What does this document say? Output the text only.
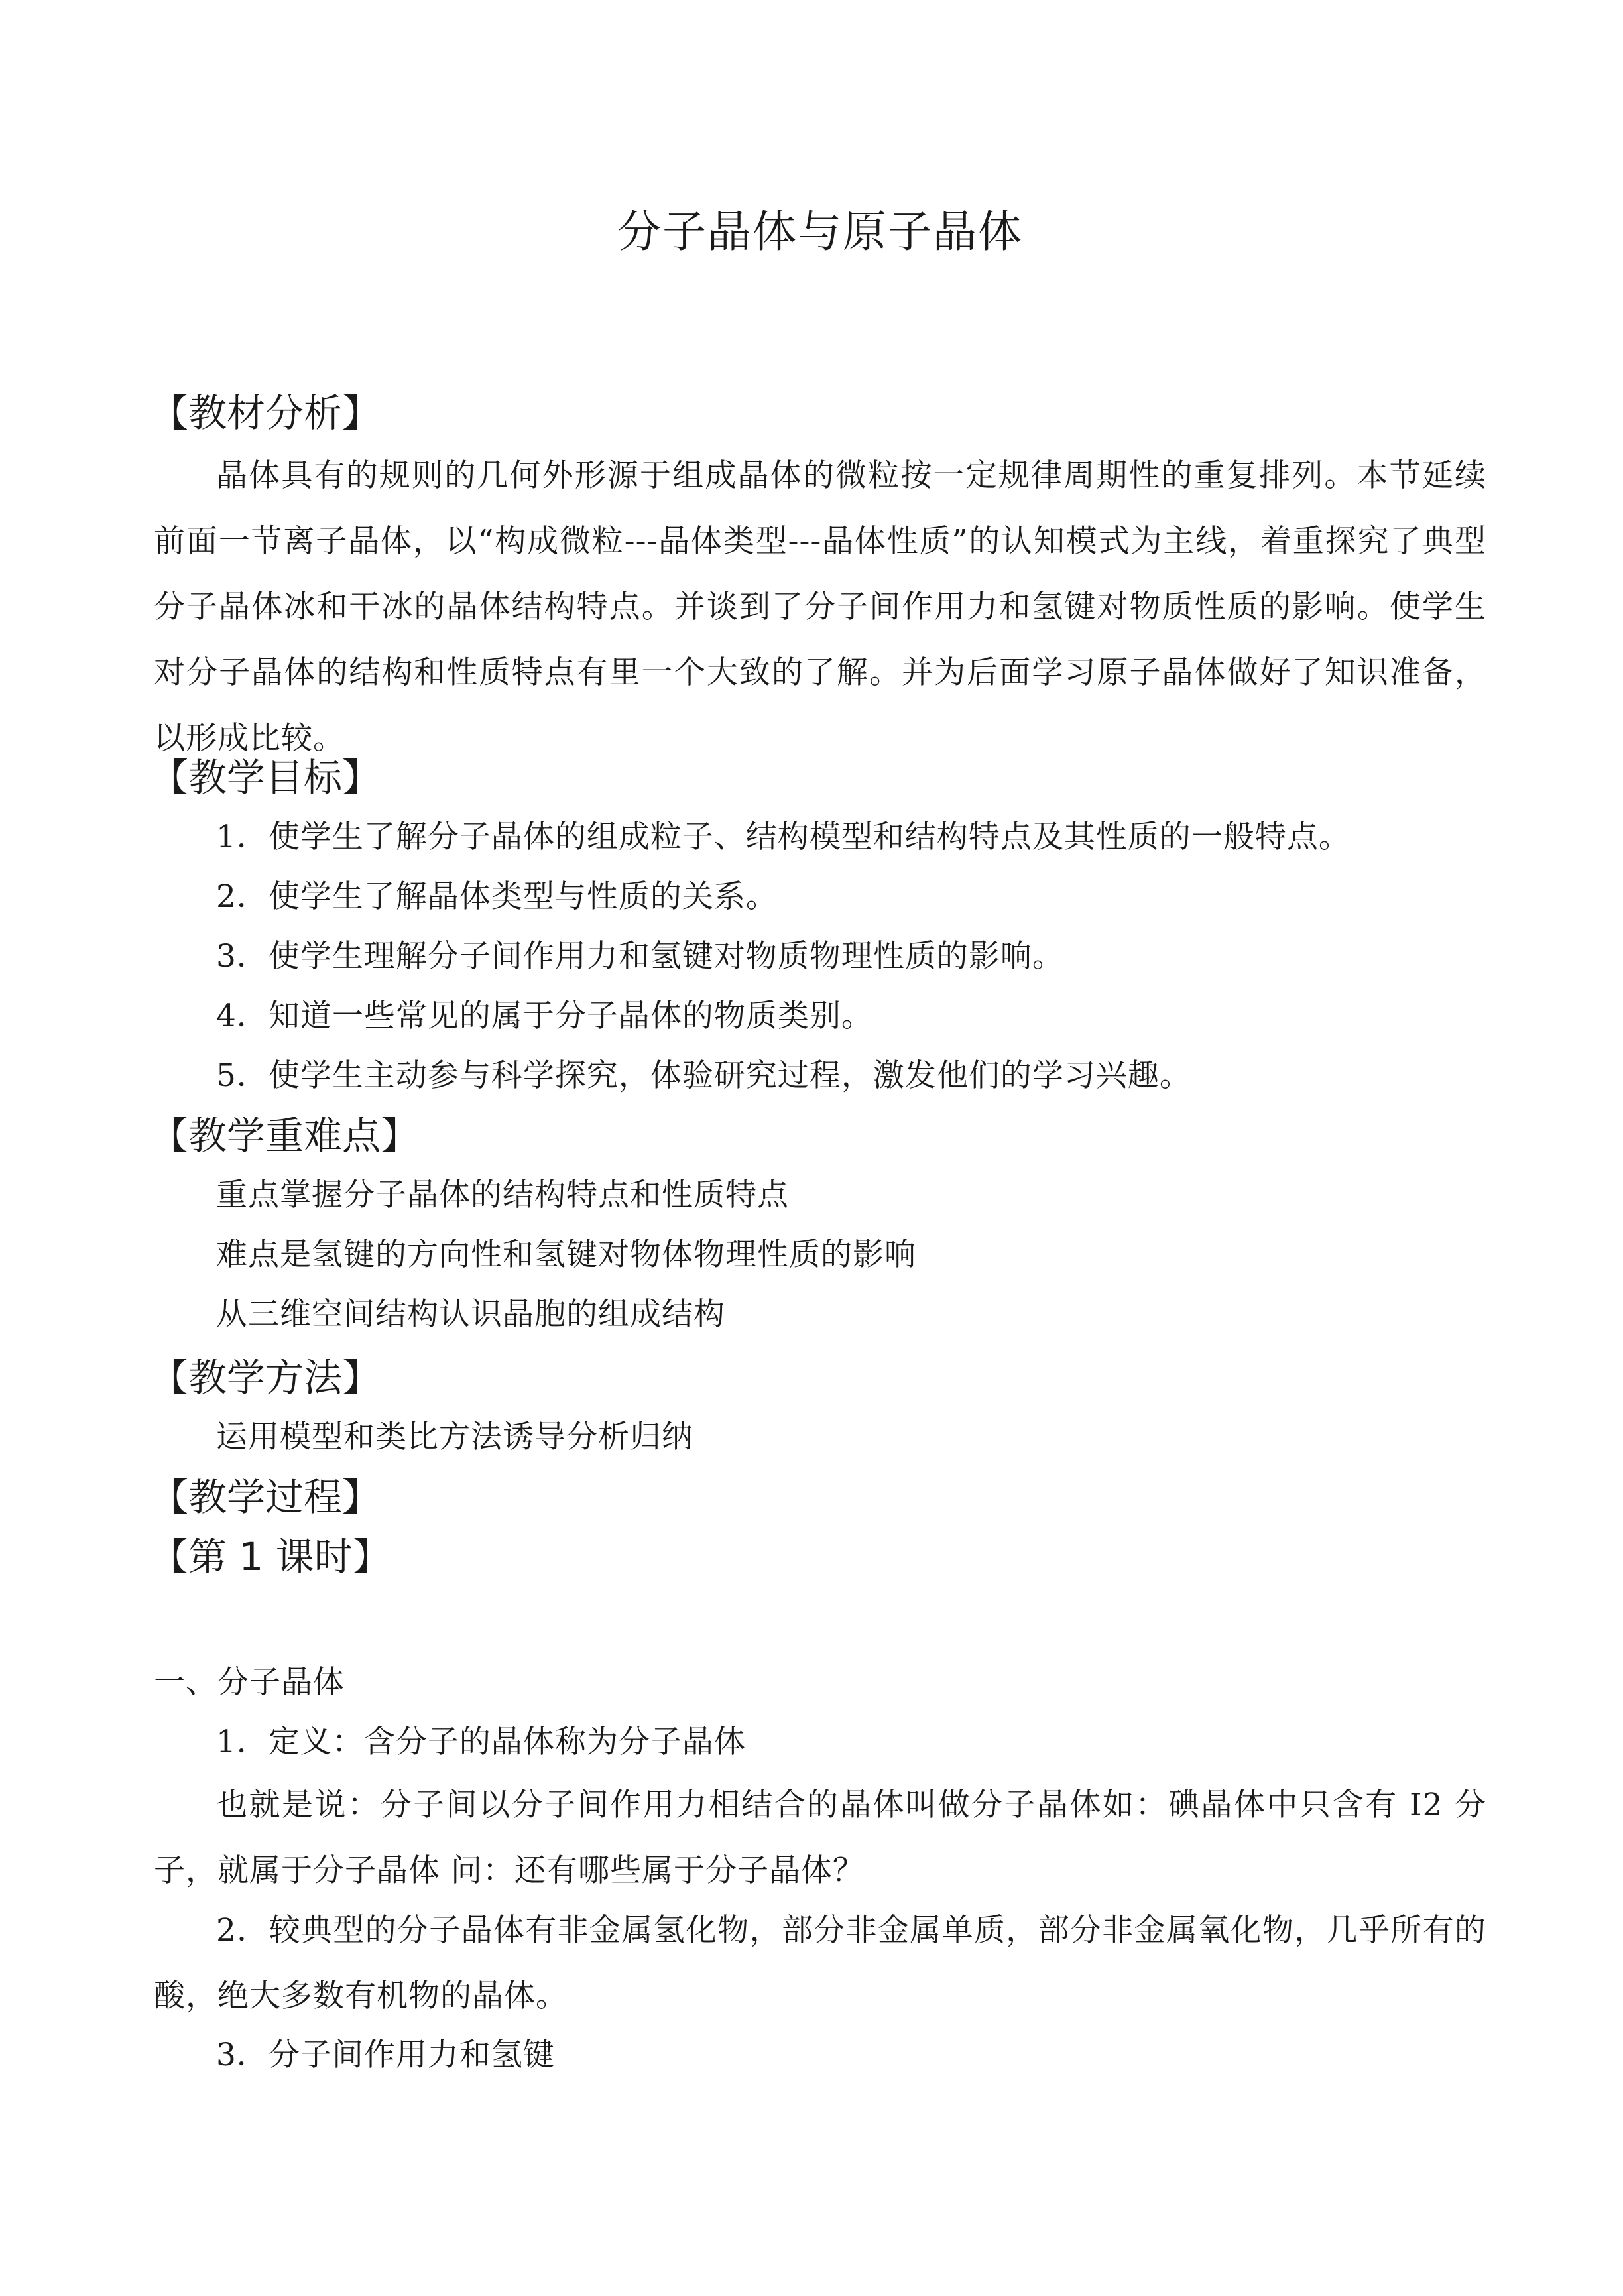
分子晶体与原子晶体
【教材分析】

晶体具有的规则的几何外形源于组成晶体的微粒按一定规律周期性的重复排列。本节延续前面一节离子晶体，以“构成微粒---晶体类型---晶体性质”的认知模式为主线，着重探究了典型分子晶体冰和干冰的晶体结构特点。并谈到了分子间作用力和氢键对物质性质的影响。使学生对分子晶体的结构和性质特点有里一个大致的了解。并为后面学习原子晶体做好了知识准备，以形成比较。

【教学目标】
1．使学生了解分子晶体的组成粒子、结构模型和结构特点及其性质的一般特点。
2．使学生了解晶体类型与性质的关系。
3．使学生理解分子间作用力和氢键对物质物理性质的影响。
4．知道一些常见的属于分子晶体的物质类别。
5．使学生主动参与科学探究，体验研究过程，激发他们的学习兴趣。
【教学重难点】
重点掌握分子晶体的结构特点和性质特点
难点是氢键的方向性和氢键对物体物理性质的影响
从三维空间结构认识晶胞的组成结构
【教学方法】
运用模型和类比方法诱导分析归纳
【教学过程】
【第 1 课时】
一、分子晶体
1．定义：含分子的晶体称为分子晶体

也就是说：分子间以分子间作用力相结合的晶体叫做分子晶体如：碘晶体中只含有 I2 分子，就属于分子晶体 问：还有哪些属于分子晶体？

2．较典型的分子晶体有非金属氢化物，部分非金属单质，部分非金属氧化物，几乎所有的酸，绝大多数有机物的晶体。

3．分子间作用力和氢键
